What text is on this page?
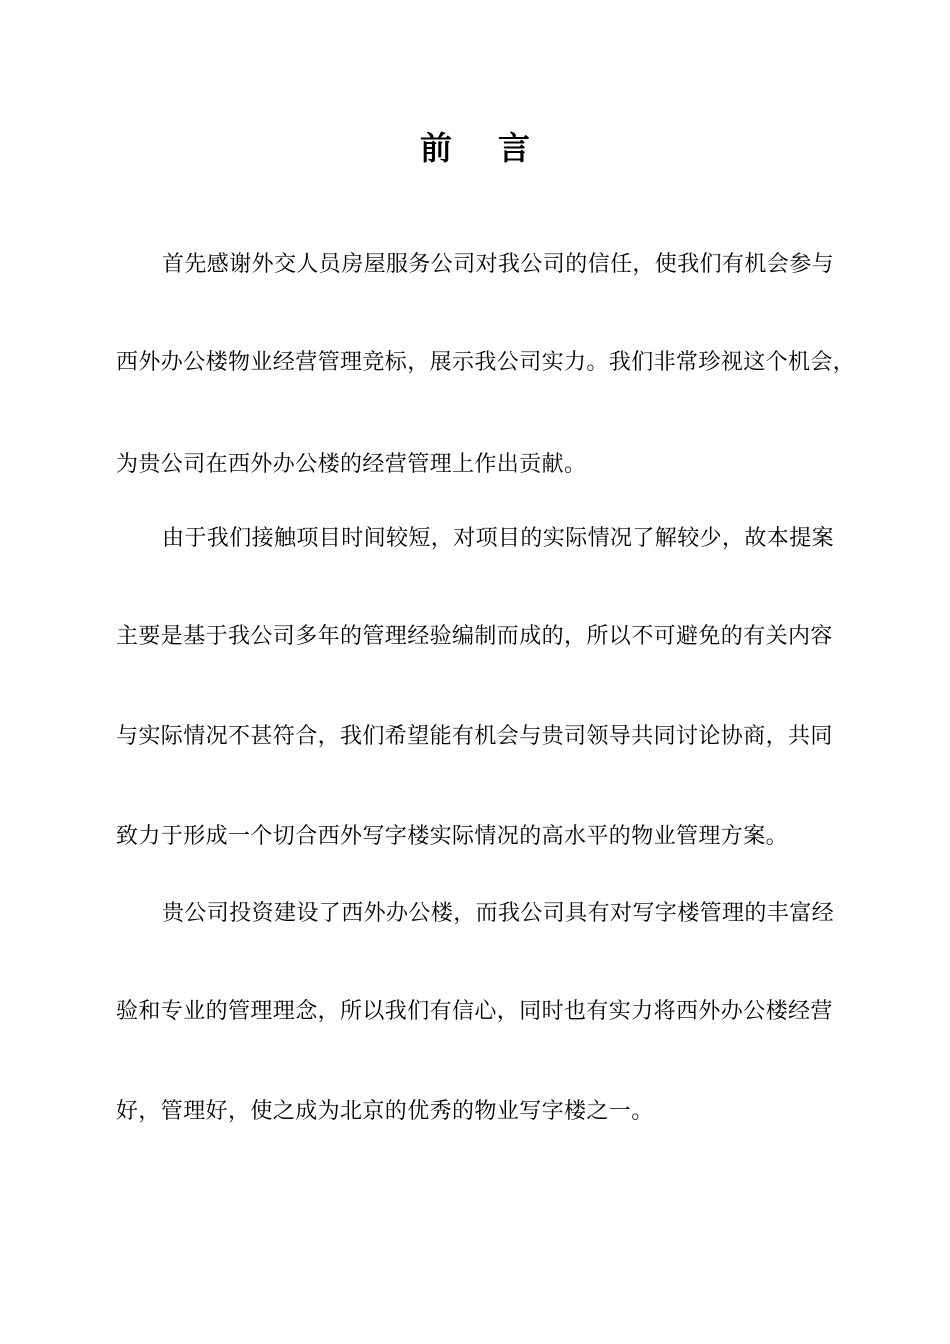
前 言
首先感谢外交人员房屋服务公司对我公司的信任，使我们有机会参与
西外办公楼物业经营管理竞标，展示我公司实力。我们非常珍视这个机会，
为贵公司在西外办公楼的经营管理上作出贡献。
由于我们接触项目时间较短，对项目的实际情况了解较少，故本提案
主要是基于我公司多年的管理经验编制而成的，所以不可避免的有关内容
与实际情况不甚符合，我们希望能有机会与贵司领导共同讨论协商，共同
致力于形成一个切合西外写字楼实际情况的高水平的物业管理方案。
贵公司投资建设了西外办公楼，而我公司具有对写字楼管理的丰富经
验和专业的管理理念，所以我们有信心，同时也有实力将西外办公楼经营
好，管理好，使之成为北京的优秀的物业写字楼之一。
